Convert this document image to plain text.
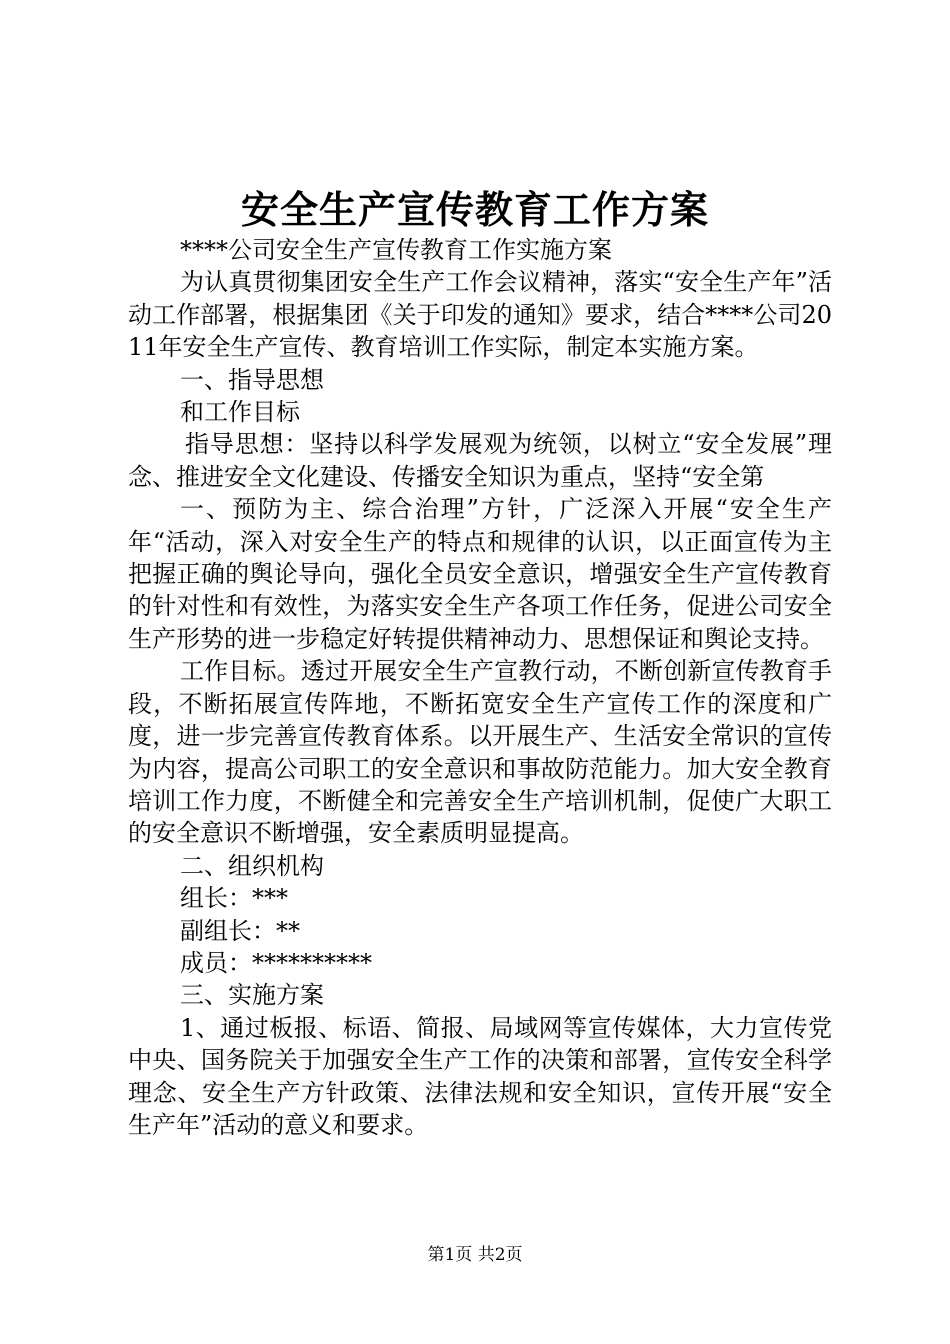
安全生产宣传教育工作方案

****公司安全生产宣传教育工作实施方案

为认真贯彻集团安全生产工作会议精神，落实“安全生产年”活动工作部署，根据集团《关于印发的通知》要求，结合****公司2011年安全生产宣传、教育培训工作实际，制定本实施方案。

一、指导思想

和工作目标

指导思想：坚持以科学发展观为统领，以树立“安全发展”理念、推进安全文化建设、传播安全知识为重点，坚持“安全第

一、预防为主、综合治理”方针，广泛深入开展“安全生产年“活动，深入对安全生产的特点和规律的认识，以正面宣传为主把握正确的舆论导向，强化全员安全意识，增强安全生产宣传教育的针对性和有效性，为落实安全生产各项工作任务，促进公司安全生产形势的进一步稳定好转提供精神动力、思想保证和舆论支持。

工作目标。透过开展安全生产宣教行动，不断创新宣传教育手段，不断拓展宣传阵地，不断拓宽安全生产宣传工作的深度和广度，进一步完善宣传教育体系。以开展生产、生活安全常识的宣传为内容，提高公司职工的安全意识和事故防范能力。加大安全教育培训工作力度，不断健全和完善安全生产培训机制，促使广大职工的安全意识不断增强，安全素质明显提高。

二、组织机构

组长：***

副组长：**

成员：**********

三、实施方案

1、通过板报、标语、简报、局域网等宣传媒体，大力宣传党中央、国务院关于加强安全生产工作的决策和部署，宣传安全科学理念、安全生产方针政策、法律法规和安全知识，宣传开展“安全生产年”活动的意义和要求。

第1页 共2页
